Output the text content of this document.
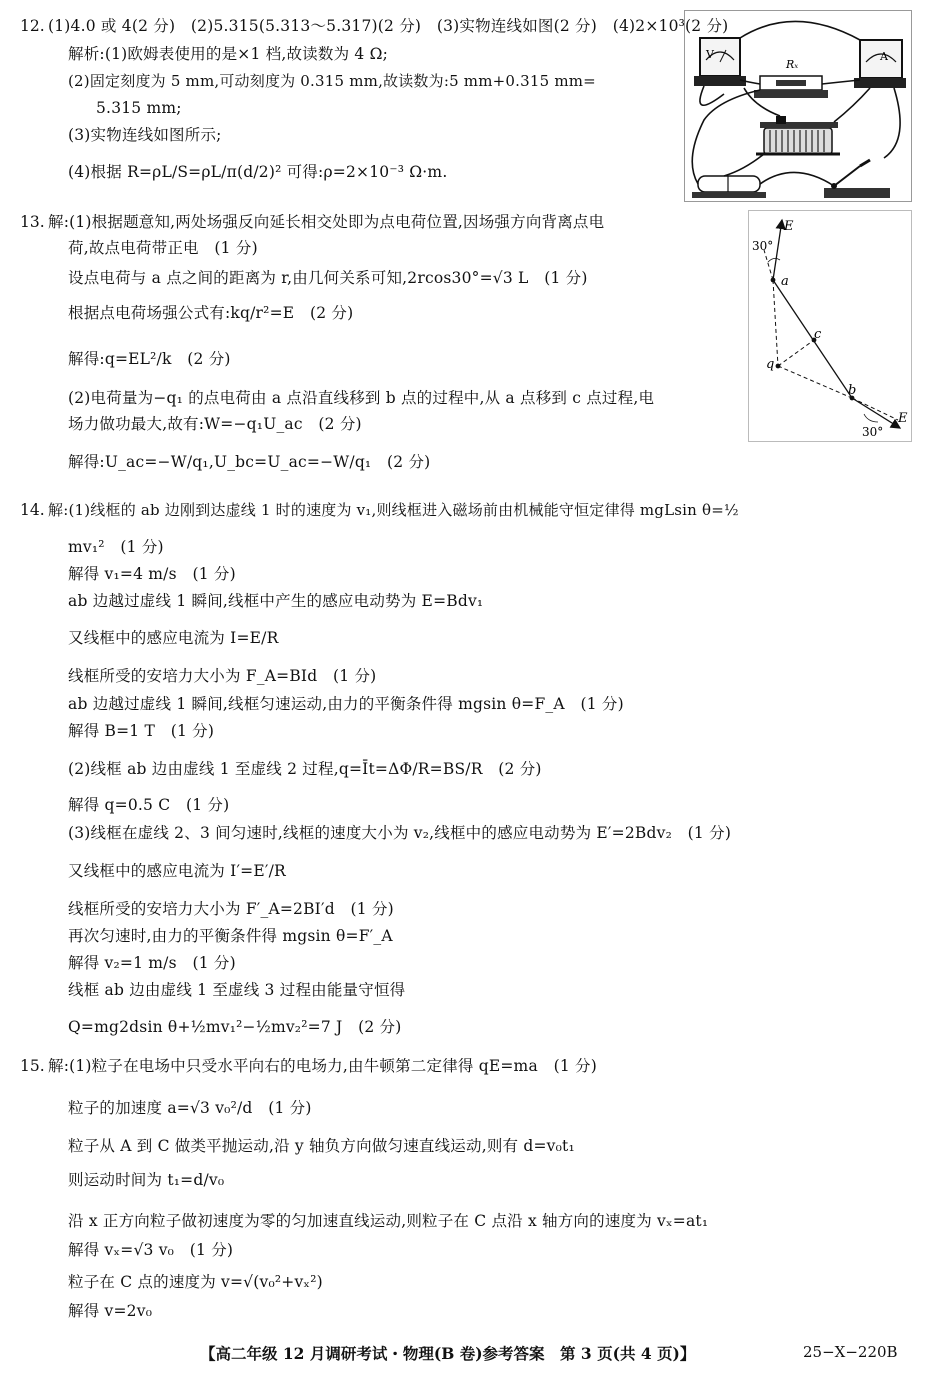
12. (1)4.0 或 4(2 分)　(2)5.315(5.313～5.317)(2 分)　(3)实物连线如图(2 分)　(4)2×10³(2 分)
解析:(1)欧姆表使用的是×1 档,故读数为 4 Ω;
(2)固定刻度为 5 mm,可动刻度为 0.315 mm,故读数为:5 mm+0.315 mm=
5.315 mm;
(3)实物连线如图所示;
(4)根据 R=ρL/S=ρL/π(d/2)² 可得:ρ=2×10⁻³ Ω·m.
V
Rₓ
A
13. 解:(1)根据题意知,两处场强反向延长相交处即为点电荷位置,因场强方向背离点电
荷,故点电荷带正电　(1 分)
设点电荷与 a 点之间的距离为 r,由几何关系可知,2rcos30°=√3 L　(1 分)
根据点电荷场强公式有:kq/r²=E　(2 分)
解得:q=EL²/k　(2 分)
(2)电荷量为−q₁ 的点电荷由 a 点沿直线移到 b 点的过程中,从 a 点移到 c 点过程,电
场力做功最大,故有:W=−q₁U_ac　(2 分)
解得:U_ac=−W/q₁,U_bc=U_ac=−W/q₁　(2 分)
E
30°
a
c
q
b
E
30°
14. 解:(1)线框的 ab 边刚到达虚线 1 时的速度为 v₁,则线框进入磁场前由机械能守恒定律得 mgLsin θ=½
mv₁²　(1 分)
解得 v₁=4 m/s　(1 分)
ab 边越过虚线 1 瞬间,线框中产生的感应电动势为 E=Bdv₁
又线框中的感应电流为 I=E/R
线框所受的安培力大小为 F_A=BId　(1 分)
ab 边越过虚线 1 瞬间,线框匀速运动,由力的平衡条件得 mgsin θ=F_A　(1 分)
解得 B=1 T　(1 分)
(2)线框 ab 边由虚线 1 至虚线 2 过程,q=Īt=ΔΦ/R=BS/R　(2 分)
解得 q=0.5 C　(1 分)
(3)线框在虚线 2、3 间匀速时,线框的速度大小为 v₂,线框中的感应电动势为 E′=2Bdv₂　(1 分)
又线框中的感应电流为 I′=E′/R
线框所受的安培力大小为 F′_A=2BI′d　(1 分)
再次匀速时,由力的平衡条件得 mgsin θ=F′_A
解得 v₂=1 m/s　(1 分)
线框 ab 边由虚线 1 至虚线 3 过程由能量守恒得
Q=mg2dsin θ+½mv₁²−½mv₂²=7 J　(2 分)
15. 解:(1)粒子在电场中只受水平向右的电场力,由牛顿第二定律得 qE=ma　(1 分)
粒子的加速度 a=√3 v₀²/d　(1 分)
粒子从 A 到 C 做类平抛运动,沿 y 轴负方向做匀速直线运动,则有 d=v₀t₁
则运动时间为 t₁=d/v₀
沿 x 正方向粒子做初速度为零的匀加速直线运动,则粒子在 C 点沿 x 轴方向的速度为 vₓ=at₁
解得 vₓ=√3 v₀　(1 分)
粒子在 C 点的速度为 v=√(v₀²+vₓ²)
解得 v=2v₀
【高二年级 12 月调研考试・物理(B 卷)参考答案　第 3 页(共 4 页)】	25−X−220B
